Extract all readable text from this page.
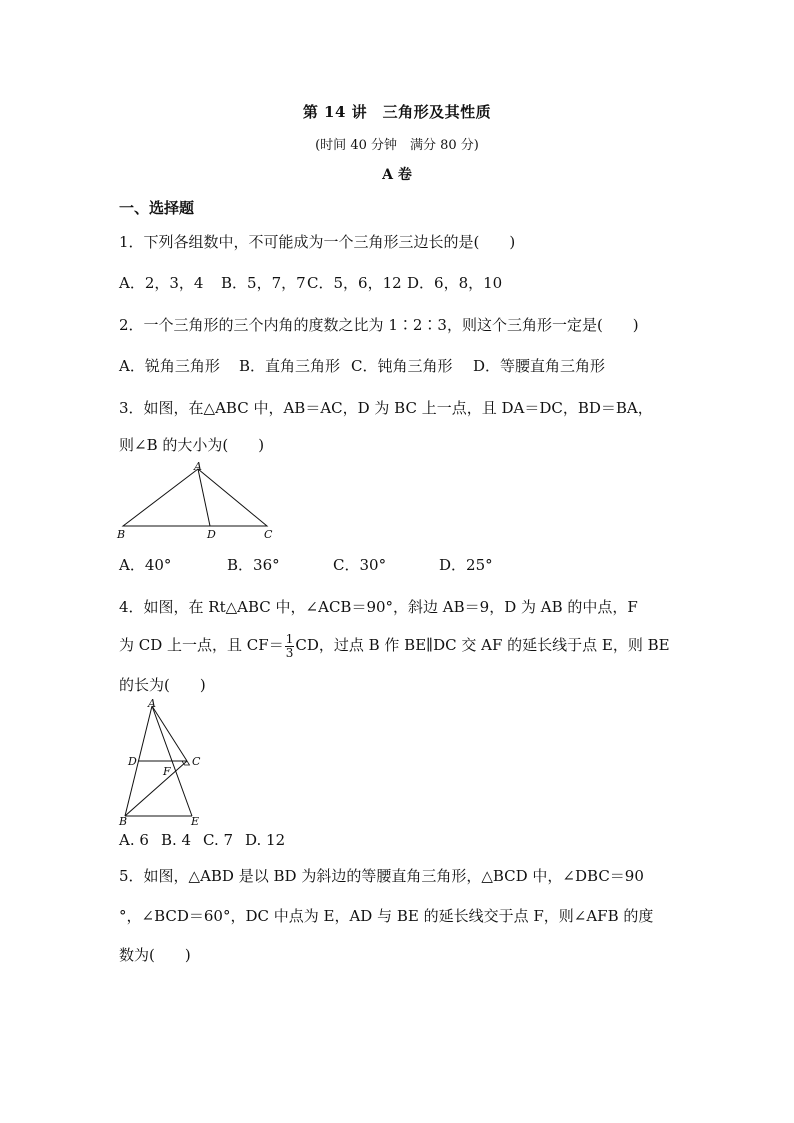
第 14 讲　三角形及其性质
(时间 40 分钟　满分 80 分)
A 卷
一、选择题
1．下列各组数中，不可能成为一个三角形三边长的是(　　)
A．2，3，4 B．5，7，7C．5，6，12 D．6，8，10
2．一个三角形的三个内角的度数之比为 1∶2∶3，则这个三角形一定是(　　)
A．锐角三角形 B．直角三角形 C．钝角三角形 D．等腰直角三角形
3．如图，在△ABC 中，AB＝AC，D 为 BC 上一点，且 DA＝DC，BD＝BA，
则∠B 的大小为(　　)
A
B	D	C
A．40°	B．36°	C．30°	D．25°
4．如图，在 Rt△ABC 中，∠ACB＝90°，斜边 AB＝9，D 为 AB 的中点，F
为 CD 上一点，且 $CF= \frac{1}{3}$ CD，过点 B 作 BE∥DC 交 AF 的延长线于点 E，则 BE
的长为(　　)
A
D	C
F
B	E
A. 6 B. 4 C. 7 D. 12
5．如图，△ABD 是以 BD 为斜边的等腰直角三角形，△BCD 中，∠DBC＝90
°，∠BCD＝60°，DC 中点为 E，AD 与 BE 的延长线交于点 F，则∠AFB 的度
数为(　　)
